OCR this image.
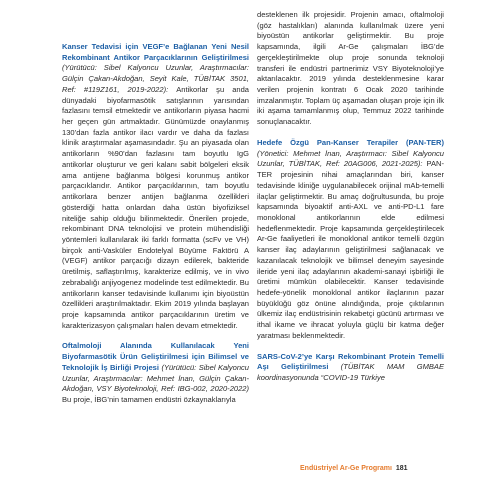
Kanser Tedavisi için VEGF’e Bağlanan Yeni Nesil Rekombinant Antikor Parçacıklarının Geliştirilmesi (Yürütücü: Sibel Kalyoncu Uzunlar, Araştırmacılar: Gülçin Çakan-Akdoğan, Seyit Kale, TÜBİTAK 3501, Ref: #119Z161, 2019-2022): Antikorlar şu anda dünyadaki biyofarmasötik satışlarının yarısından fazlasını temsil etmektedir ve antikorların piyasa hacmi her geçen gün artmaktadır. Günümüzde onaylanmış 130’dan fazla antikor ilacı vardır ve daha da fazlası klinik araştırmalar aşamasındadır. Şu an piyasada olan antikorların %90’dan fazlasını tam boyutlu IgG antikorlar oluşturur ve geri kalanı sabit bölgeleri eksik ama antijene bağlanma bölgesi korunmuş antikor parçacıklarıdır. Antikor parçacıklarının, tam boyutlu antikorlara benzer antijen bağlanma özellikleri gösterdiği hatta onlardan daha üstün biyofiziksel niteliğe sahip olduğu bilinmektedir. Önerilen projede, rekombinant DNA teknolojisi ve protein mühendisliği yöntemleri kullanılarak iki farklı formatta (scFv ve VH) birçok anti-Vasküler Endotelyal Büyüme Faktörü A (VEGF) antikor parçacığı dizayn edilerek, bakteride üretilmiş, saflaştırılmış, karakterize edilmiş, ve in vivo zebrabalığı anjiyogenez modelinde test edilmektedir. Bu antikorların kanser tedavisinde kullanımı için biyoüstün özellikleri araştırılmaktadır. Ekim 2019 yılında başlayan proje kapsamında antikor parçacıklarının üretim ve karakterizasyon çalışmaları halen devam etmektedir.

Oftalmoloji Alanında Kullanılacak Yeni Biyofarmasötik Ürün Geliştirilmesi için Bilimsel ve Teknolojik İş Birliği Projesi (Yürütücü: Sibel Kalyoncu Uzunlar, Araştırmacılar: Mehmet İnan, Gülçin Çakan-Akdoğan, VSY Biyoteknoloji, Ref: IBG-002, 2020-2022) Bu proje, İBG’nin tamamen endüstri özkaynaklarıyla

desteklenen ilk projesidir. Projenin amacı, oftalmoloji (göz hastalıkları) alanında kullanılmak üzere yeni biyoüstün antikorlar geliştirmektir. Bu proje kapsamında, ilgili Ar-Ge çalışmaları İBG’de gerçekleştirilmekte olup proje sonunda teknoloji transferi ile endüstri partnerimiz VSY Biyoteknoloji’ye aktarılacaktır. 2019 yılında desteklenmesine karar verilen projenin kontratı 6 Ocak 2020 tarihinde imzalanmıştır. Toplam üç aşamadan oluşan proje için ilk iki aşama tamamlanmış olup, Temmuz 2022 tarihinde sonuçlanacaktır.

Hedefe Özgü Pan-Kanser Terapiler (PAN-TER) (Yönetici: Mehmet İnan, Araştırmacı: Sibel Kalyoncu Uzunlar, TÜBİTAK, Ref: 20AG006, 2021-2025): PAN-TER projesinin nihai amaçlarından biri, kanser tedavisinde kliniğe uygulanabilecek orijinal mAb-temelli ilaçlar geliştirmektir. Bu amaç doğrultusunda, bu proje kapsamında biyoaktif anti-AXL ve anti-PD-L1 fare monoklonal antikorlarının elde edilmesi hedeflenmektedir. Proje kapsamında gerçekleştirilecek Ar-Ge faaliyetleri ile monoklonal antikor temelli özgün kanser ilaç adaylarının geliştirilmesi sağlanacak ve kazanılacak teknolojik ve bilimsel deneyim sayesinde ileride yeni ilaç adaylarının akademi-sanayi işbirliği ile üretimi mümkün olabilecektir. Kanser tedavisinde hedefe-yönelik monoklonal antikor ilaçlarının pazar büyüklüğü göz önüne alındığında, proje çıktılarının ülkemiz ilaç endüstrisinin rekabetçi gücünü artırması ve ithal ikame ve ihracat yoluyla güçlü bir katma değer yaratması beklenmektedir.

SARS-CoV-2’ye Karşı Rekombinant Protein Temelli Aşı Geliştirilmesi (TÜBİTAK MAM GMBAE koordinasyonunda “COVID-19 Türkiye

Endüstriyel Ar-Ge Programı 181
